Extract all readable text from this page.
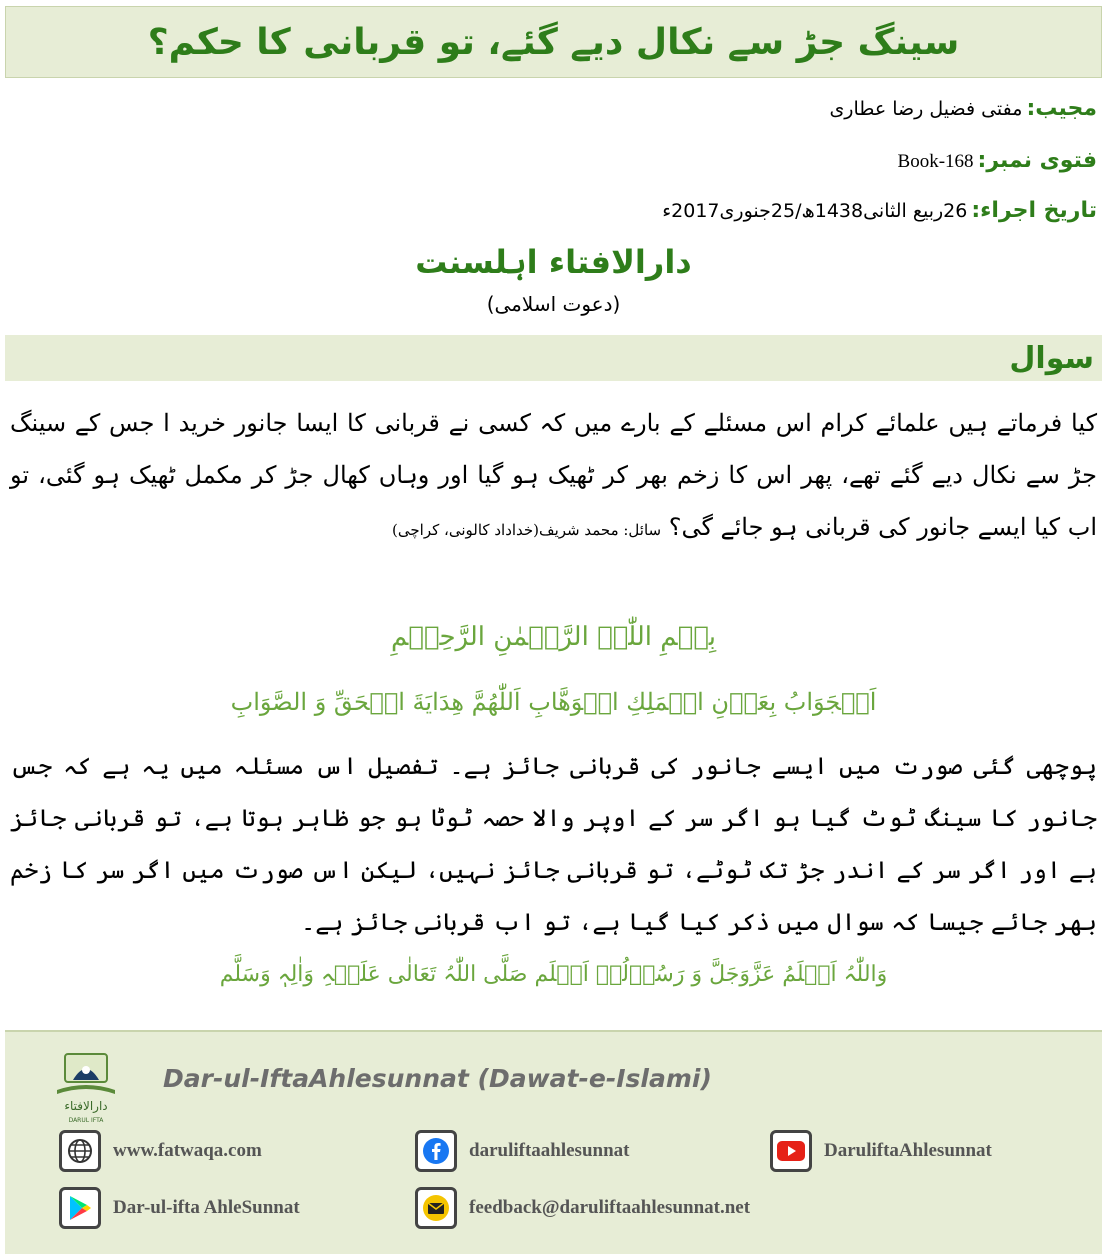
سینگ جڑ سے نکال دیے گئے، تو قربانی کا حکم؟
مجیب:
مفتی فضیل رضا عطاری
فتوی نمبر:
Book-168
تاریخ اجراء:
26ربیع الثانی1438ھ/25جنوری2017ء
دارالافتاء اہلسنت
(دعوت اسلامی)
سوال
کیا فرماتے ہیں علمائے کرام اس مسئلے کے بارے میں کہ کسی نے قربانی کا ایسا جانور خرید ا جس کے سینگ جڑ سے نکال دیے گئے تھے، پھر اس کا زخم بھر کر ٹھیک ہو گیا اور وہاں کھال جڑ کر مکمل ٹھیک ہو گئی، تو اب کیا ایسے جانور کی قربانی ہو جائے گی؟ سائل: محمد شریف(خداداد کالونی، کراچی)
بِسۡمِ اللّٰہِ الرَّحۡمٰنِ الرَّحِیۡمِ
اَلۡجَوَابُ بِعَوۡنِ الۡمَلِكِ الۡوَهَّابِ اَللّٰهُمَّ هِدَايَةَ الۡحَقِّ وَ الصَّوَابِ
پوچھی گئی صورت میں ایسے جانور کی قربانی جائز ہے۔ تفصیل اس مسئلہ میں یہ ہے کہ جس جانور کا سینگ ٹوٹ گیا ہو اگر سر کے اوپر والا حصہ ٹوٹا ہو جو ظاہر ہوتا ہے، تو قربانی جائز ہے اور اگر سر کے اندر جڑ تک ٹوٹے، تو قربانی جائز نہیں، لیکن اس صورت میں اگر سر کا زخم بھر جائے جیسا کہ سوال میں ذکر کیا گیا ہے، تو اب قربانی جائز ہے۔
وَاللّٰہُ اَعۡلَمُ عَزَّوَجَلَّ وَ رَسُوۡلُہٗ اَعۡلَم صَلَّی اللّٰہُ تَعَالٰی عَلَیۡہِ وَاٰلِہٖ وَسَلَّم
دارالافتاء
DARUL IFTA
Dar-ul-IftaAhlesunnat (Dawat-e-Islami)
www.fatwaqa.com	daruliftaahlesunnat	DaruliftaAhlesunnat
Dar-ul-ifta AhleSunnat	feedback@daruliftaahlesunnat.net
